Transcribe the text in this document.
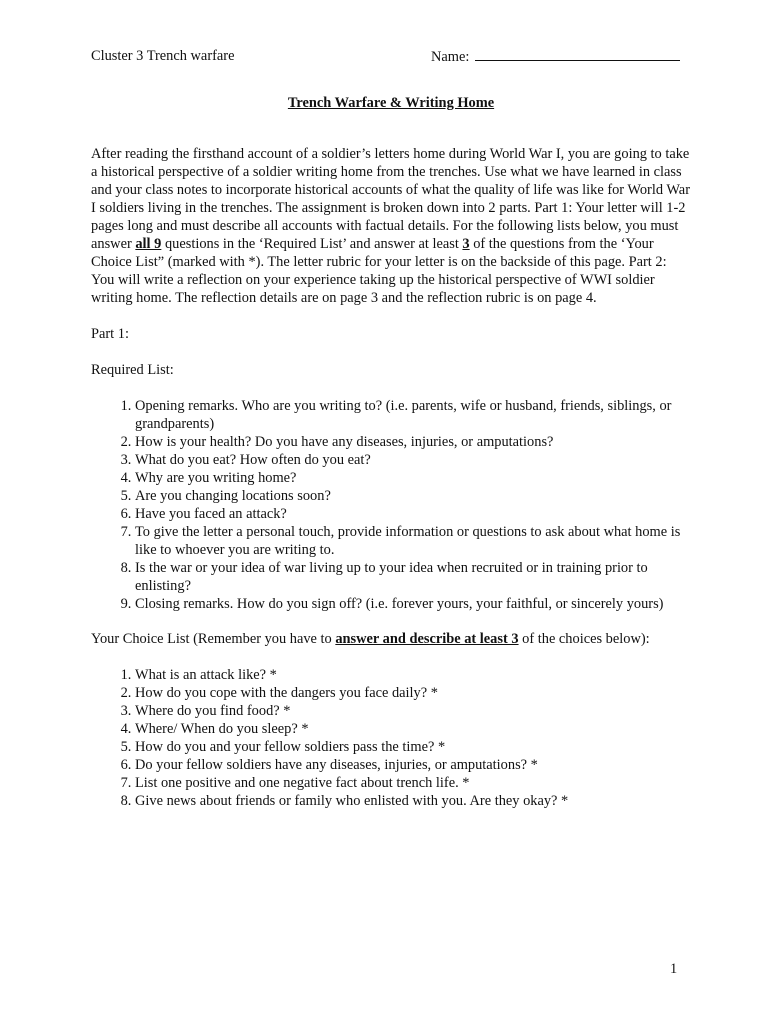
Cluster 3 Trench warfare	Name:
Trench Warfare & Writing Home
After reading the firsthand account of a soldier’s letters home during World War I, you are going to take a historical perspective of a soldier writing home from the trenches. Use what we have learned in class and your class notes to incorporate historical accounts of what the quality of life was like for World War I soldiers living in the trenches. The assignment is broken down into 2 parts. Part 1: Your letter will 1-2 pages long and must describe all accounts with factual details. For the following lists below, you must answer all 9 questions in the ‘Required List’ and answer at least 3 of the questions from the ‘Your Choice List” (marked with *). The letter rubric for your letter is on the backside of this page. Part 2: You will write a reflection on your experience taking up the historical perspective of WWI soldier writing home. The reflection details are on page 3 and the reflection rubric is on page 4.
Part 1:
Required List:
1. Opening remarks. Who are you writing to? (i.e. parents, wife or husband, friends, siblings, or grandparents)
2. How is your health? Do you have any diseases, injuries, or amputations?
3. What do you eat? How often do you eat?
4. Why are you writing home?
5. Are you changing locations soon?
6. Have you faced an attack?
7. To give the letter a personal touch, provide information or questions to ask about what home is like to whoever you are writing to.
8. Is the war or your idea of war living up to your idea when recruited or in training prior to enlisting?
9. Closing remarks. How do you sign off? (i.e. forever yours, your faithful, or sincerely yours)
Your Choice List (Remember you have to answer and describe at least 3 of the choices below):
1. What is an attack like? *
2. How do you cope with the dangers you face daily? *
3. Where do you find food? *
4. Where/ When do you sleep? *
5. How do you and your fellow soldiers pass the time? *
6. Do your fellow soldiers have any diseases, injuries, or amputations? *
7. List one positive and one negative fact about trench life. *
8. Give news about friends or family who enlisted with you. Are they okay? *
1
